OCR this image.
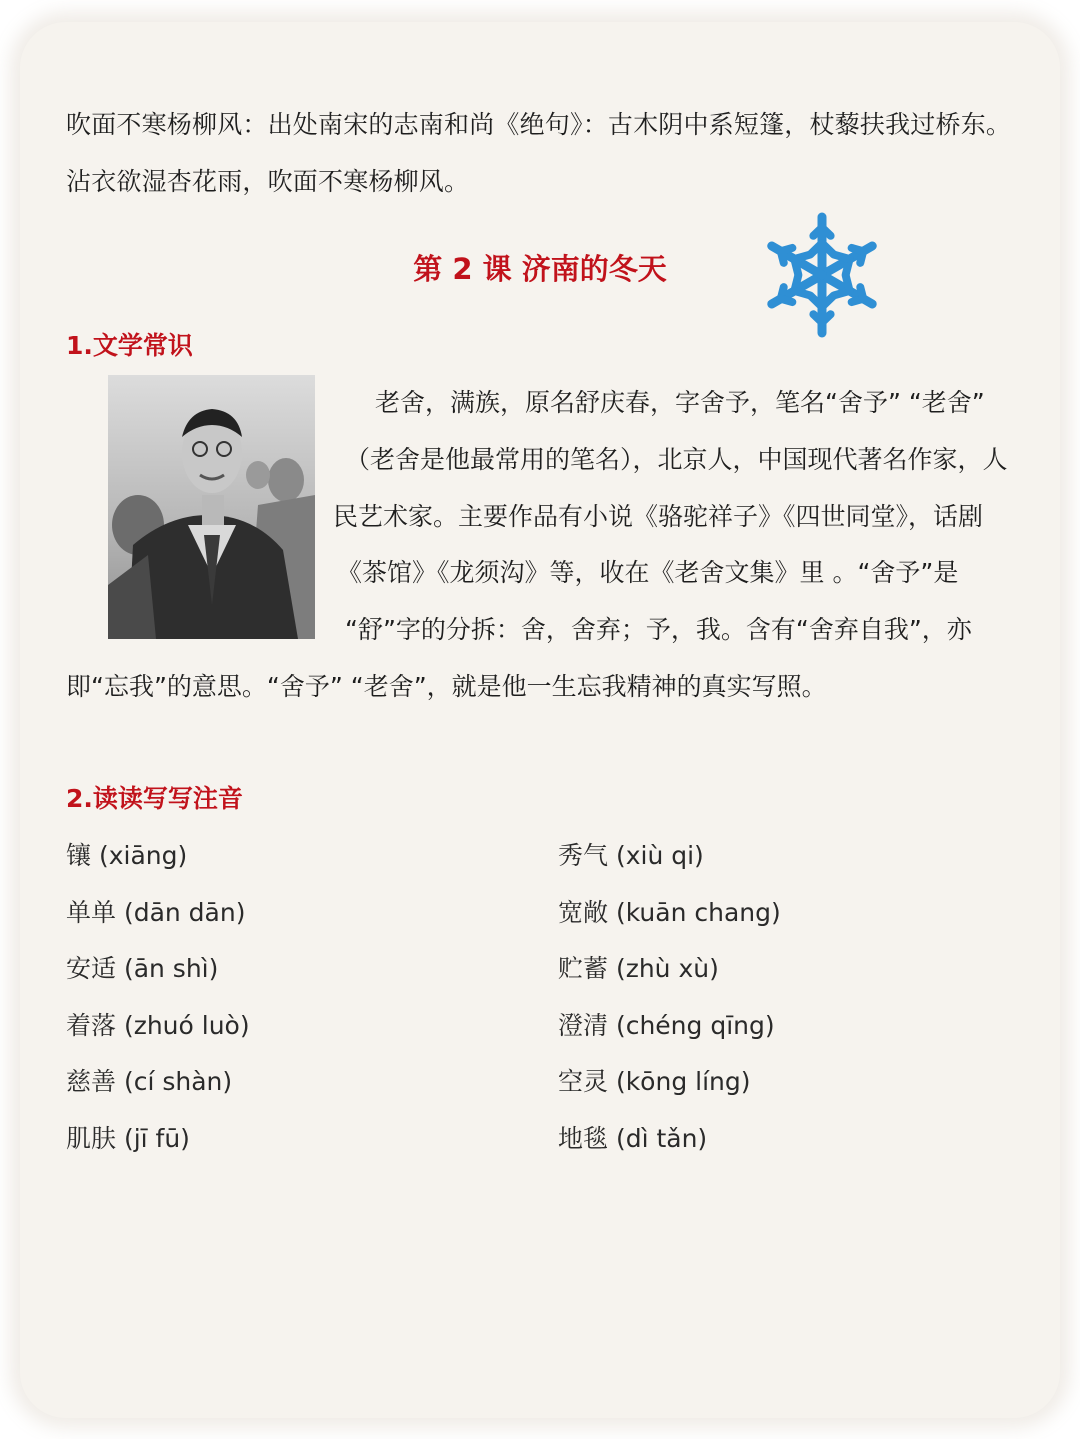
吹面不寒杨柳风：出处南宋的志南和尚《绝句》：古木阴中系短篷，杖藜扶我过桥东。
沾衣欲湿杏花雨，吹面不寒杨柳风。
第 2 课 济南的冬天
1.文学常识
老舍，满族，原名舒庆春，字舍予，笔名“舍予” “老舍”
（老舍是他最常用的笔名），北京人，中国现代著名作家，人
民艺术家。主要作品有小说《骆驼祥子》《四世同堂》，话剧
《茶馆》《龙须沟》等，收在《老舍文集》里 。“舍予”是
“舒”字的分拆：舍，舍弃；予，我。含有“舍弃自我”，亦
即“忘我”的意思。“舍予” “老舍”，就是他一生忘我精神的真实写照。
2.读读写写注音
镶 (xiāng)
单单 (dān dān)
安适 (ān shì)
着落 (zhuó luò)
慈善 (cí shàn)
肌肤 (jī fū)
秀气 (xiù qi)
宽敞 (kuān chang)
贮蓄 (zhù xù)
澄清 (chéng qīng)
空灵 (kōng líng)
地毯 (dì tǎn)
